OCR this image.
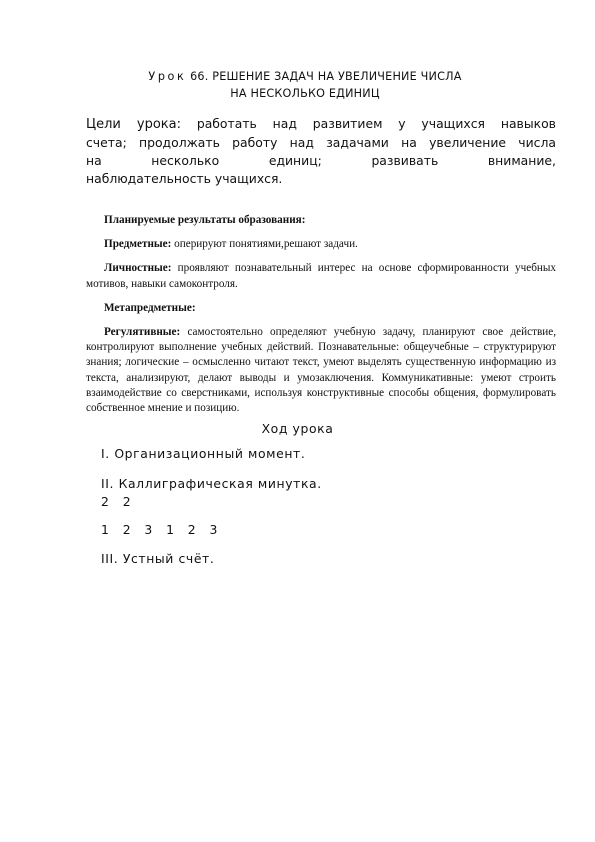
Урок 66. РЕШЕНИЕ ЗАДАЧ НА УВЕЛИЧЕНИЕ ЧИСЛА
НА НЕСКОЛЬКО ЕДИНИЦ
Цели урока: работать над развитием у учащихся навыков
счета; продолжать работу над задачами на увеличение числа
на несколько единиц; развивать внимание,
наблюдательность учащихся.

Планируемые результаты образования:

Предметные: оперируют понятиями,решают задачи.

Личностные: проявляют познавательный интерес на основе сформированности учебных мотивов, навыки самоконтроля.

Метапредметные:

Регулятивные: самостоятельно определяют учебную задачу, планируют свое действие, контролируют выполнение учебных действий. Познавательные: общеучебные – структурируют знания; логические – осмысленно читают текст, умеют выделять существенную информацию из текста, анализируют, делают выводы и умозаключения. Коммуникативные: умеют строить взаимодействие со сверстниками, используя конструктивные способы общения, формулировать собственное мнение и позицию.

Ход урока
I. Организационный момент.
II. Каллиграфическая минутка.
2   2
1   2   3   1   2   3
III. Устный счёт.
